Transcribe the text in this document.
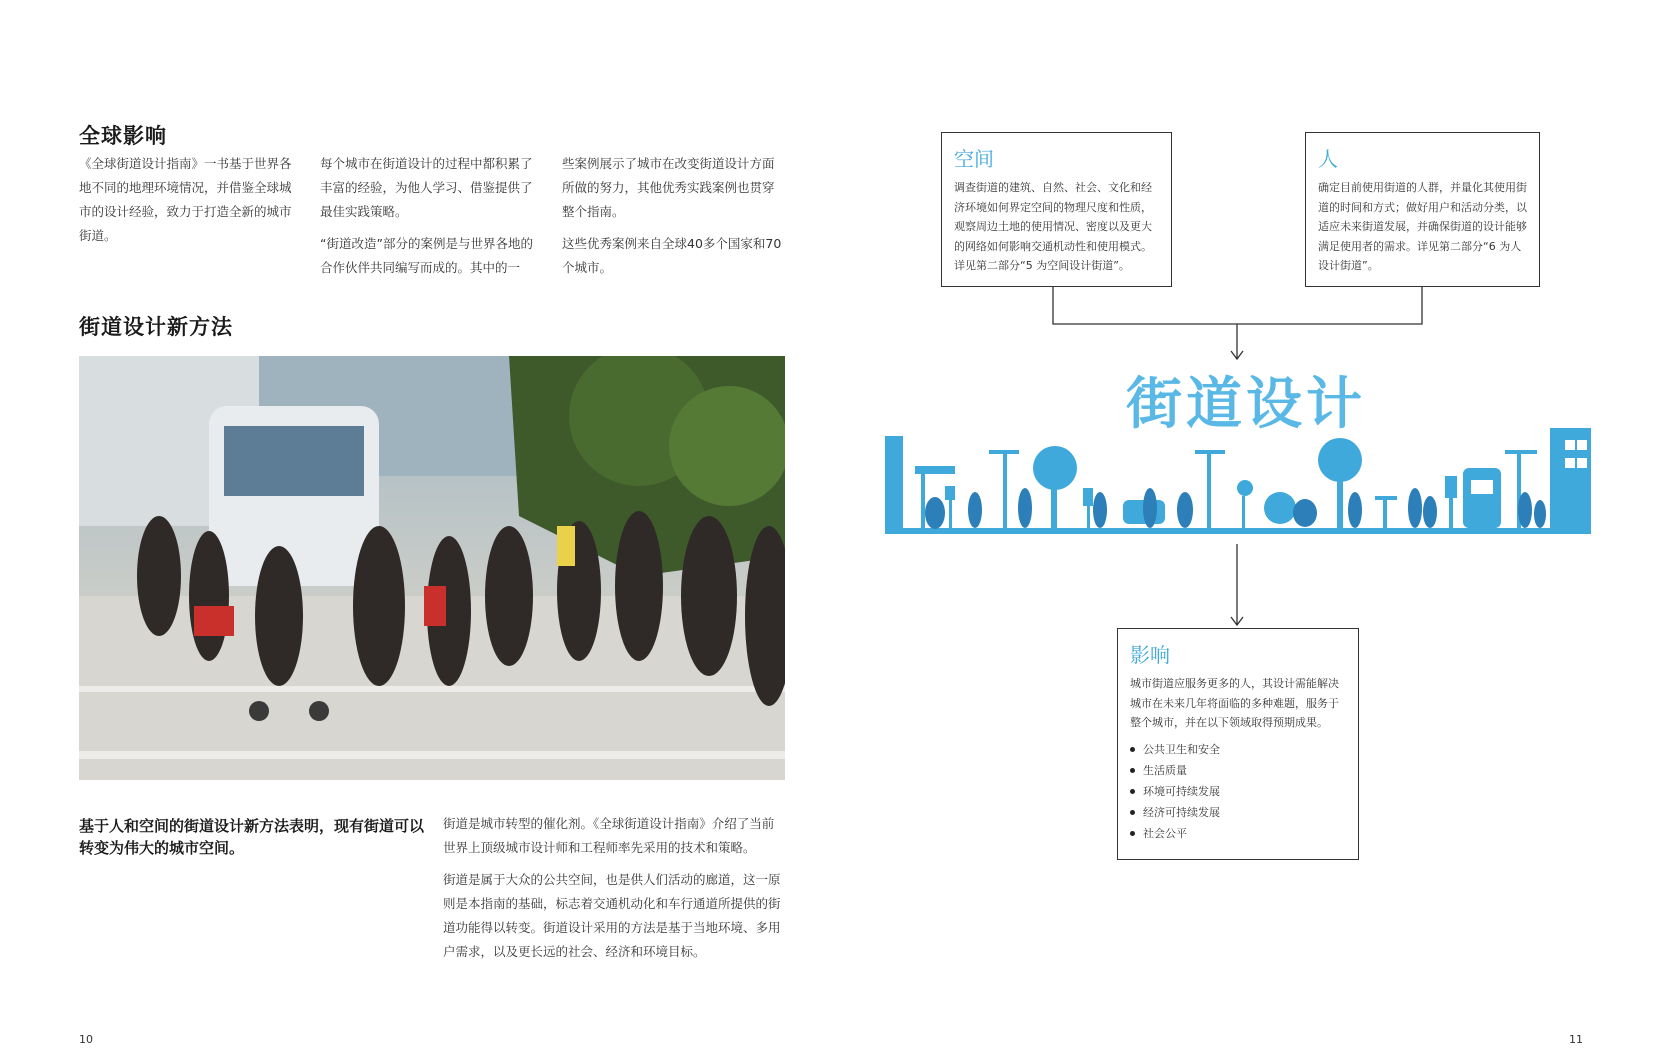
全球影响

《全球街道设计指南》一书基于世界各地不同的地理环境情况，并借鉴全球城市的设计经验，致力于打造全新的城市街道。

每个城市在街道设计的过程中都积累了丰富的经验，为他人学习、借鉴提供了最佳实践策略。

“街道改造”部分的案例是与世界各地的合作伙伴共同编写而成的。其中的一

些案例展示了城市在改变街道设计方面所做的努力，其他优秀实践案例也贯穿整个指南。

这些优秀案例来自全球40多个国家和70个城市。

街道设计新方法
基于人和空间的街道设计新方法表明，现有街道可以转变为伟大的城市空间。

街道是城市转型的催化剂。《全球街道设计指南》介绍了当前世界上顶级城市设计师和工程师率先采用的技术和策略。

街道是属于大众的公共空间，也是供人们活动的廊道，这一原则是本指南的基础，标志着交通机动化和车行通道所提供的街道功能得以转变。街道设计采用的方法是基于当地环境、多用户需求，以及更长远的社会、经济和环境目标。

10
空间
调查街道的建筑、自然、社会、文化和经济环境如何界定空间的物理尺度和性质，观察周边土地的使用情况、密度以及更大的网络如何影响交通机动性和使用模式。详见第二部分“5 为空间设计街道”。
人
确定目前使用街道的人群，并量化其使用街道的时间和方式；做好用户和活动分类，以适应未来街道发展，并确保街道的设计能够满足使用者的需求。详见第二部分“6 为人设计街道”。
街道设计
影响
城市街道应服务更多的人，其设计需能解决城市在未来几年将面临的多种难题，服务于整个城市，并在以下领域取得预期成果。
公共卫生和安全
生活质量
环境可持续发展
经济可持续发展
社会公平
11
